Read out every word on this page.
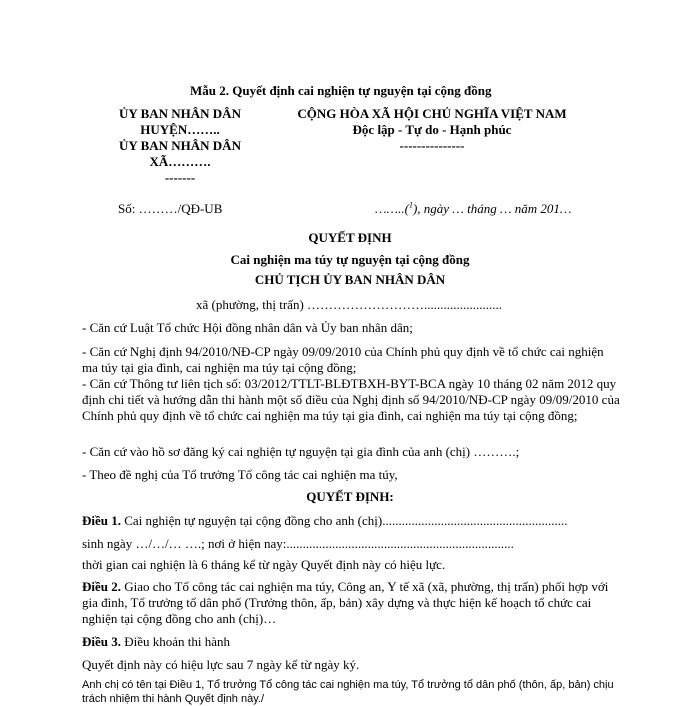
Mẫu 2. Quyết định cai nghiện tự nguyện tại cộng đồng
ỦY BAN NHÂN DÂN
HUYỆN……..
ỦY BAN NHÂN DÂN
XÃ……….
-------
CỘNG HÒA XÃ HỘI CHỦ NGHĨA VIỆT NAM
Độc lập - Tự do - Hạnh phúc
---------------
Số: ………/QĐ-UB	……..($^1$), ngày … tháng … năm 201…
QUYẾT ĐỊNH
Cai nghiện ma túy tự nguyện tại cộng đồng
CHỦ TỊCH ỦY BAN NHÂN DÂN
xã (phường, thị trấn) ………………………........................
- Căn cứ Luật Tổ chức Hội đồng nhân dân và Ủy ban nhân dân;
- Căn cứ Nghị định 94/2010/NĐ-CP ngày 09/09/2010 của Chính phủ quy định về tổ chức cai nghiện ma túy tại gia đình, cai nghiện ma túy tại cộng đồng;
- Căn cứ Thông tư liên tịch số: 03/2012/TTLT-BLĐTBXH-BYT-BCA ngày 10 tháng 02 năm 2012 quy định chi tiết và hướng dẫn thi hành một số điều của Nghị định số 94/2010/NĐ-CP ngày 09/09/2010 của Chính phủ quy định về tổ chức cai nghiện ma túy tại gia đình, cai nghiện ma túy tại cộng đồng;
- Căn cứ vào hồ sơ đăng ký cai nghiện tự nguyện tại gia đình của anh (chị) ……….;
- Theo đề nghị của Tổ trưởng Tổ công tác cai nghiện ma túy,
QUYẾT ĐỊNH:
Điều 1. Cai nghiện tự nguyện tại cộng đồng cho anh (chị).........................................................
sinh ngày …/…/… ….; nơi ở hiện nay:......................................................................
thời gian cai nghiện là 6 tháng kể từ ngày Quyết định này có hiệu lực.
Điều 2. Giao cho Tổ công tác cai nghiện ma túy, Công an, Y tế xã (xã, phường, thị trấn) phối hợp với gia đình, Tổ trưởng tổ dân phố (Trưởng thôn, ấp, bản) xây dựng và thực hiện kế hoạch tổ chức cai nghiện tại cộng đồng cho anh (chị)…
Điều 3. Điều khoản thi hành
Quyết định này có hiệu lực sau 7 ngày kể từ ngày ký.
Anh chị có tên tại Điều 1, Tổ trưởng Tổ công tác cai nghiện ma túy, Tổ trưởng tổ dân phố (thôn, ấp, bản) chịu trách nhiệm thi hành Quyết định này./
